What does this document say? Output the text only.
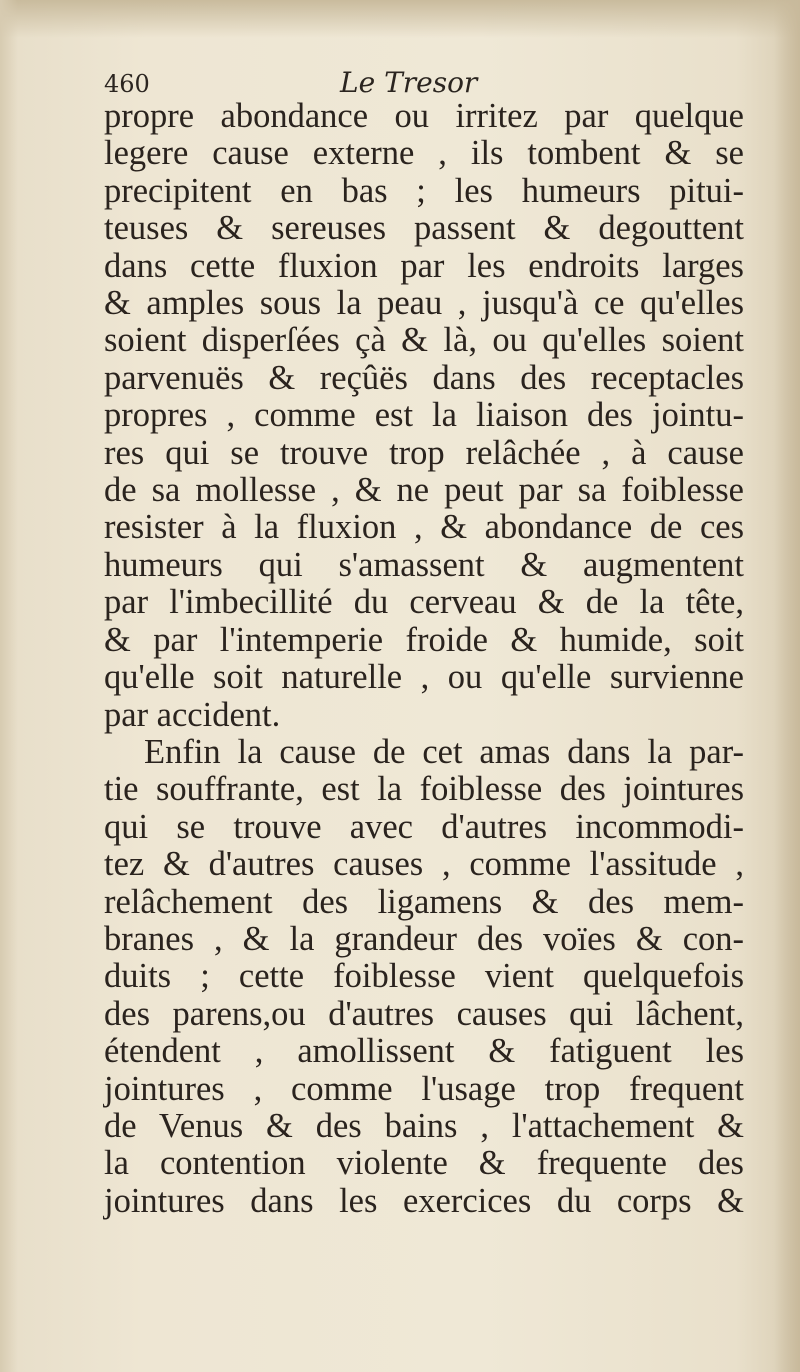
460	Le Tresor
propre abondance ou irritez par quelque
legere cause externe , ils tombent & se
precipitent en bas ; les humeurs pitui-
teuses & sereuses passent & degouttent
dans cette fluxion par les endroits larges
& amples sous la peau , jusqu'à ce qu'elles
soient disperſées çà & là, ou qu'elles soient
parvenuës & reçûës dans des receptacles
propres , comme est la liaison des jointu-
res qui se trouve trop relâchée , à cause
de sa mollesse , & ne peut par sa foiblesse
resister à la fluxion , & abondance de ces
humeurs qui s'amassent & augmentent
par l'imbecillité du cerveau & de la tête,
& par l'intemperie froide & humide, soit
qu'elle soit naturelle , ou qu'elle survienne
par accident.
Enfin la cause de cet amas dans la par-
tie souffrante, est la foiblesse des jointures
qui se trouve avec d'autres incommodi-
tez & d'autres causes , comme l'assitude ,
relâchement des ligamens & des mem-
branes , & la grandeur des voïes & con-
duits ; cette foiblesse vient quelquefois
des parens,ou d'autres causes qui lâchent,
étendent , amollissent & fatiguent les
jointures , comme l'usage trop frequent
de Venus & des bains , l'attachement &
la contention violente & frequente des
jointures dans les exercices du corps &
